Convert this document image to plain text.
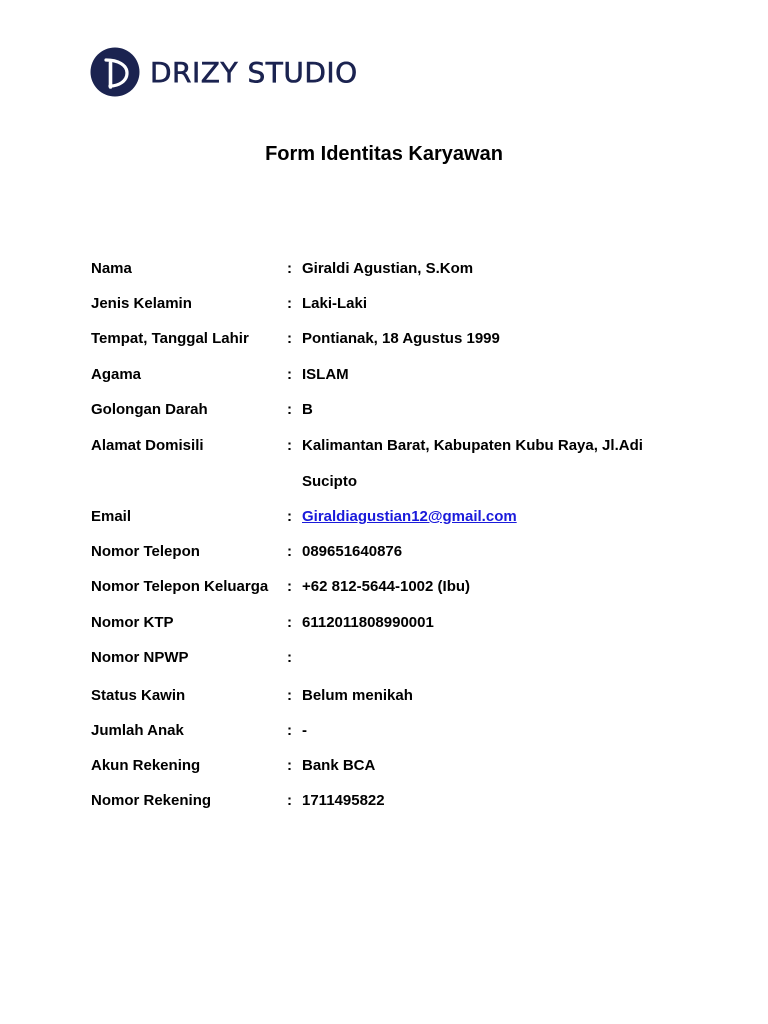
DRIZY STUDIO
Form Identitas Karyawan
Nama	: Giraldi Agustian, S.Kom
Jenis Kelamin	: Laki-Laki
Tempat, Tanggal Lahir	: Pontianak, 18 Agustus 1999
Agama	: ISLAM
Golongan Darah	: B
Alamat Domisili	: Kalimantan Barat, Kabupaten Kubu Raya, Jl.Adi Sucipto
Email	: Giraldiagustian12@gmail.com
Nomor Telepon	: 089651640876
Nomor Telepon Keluarga : +62 812-5644-1002 (Ibu)
Nomor KTP	: 6112011808990001
Nomor NPWP	:
Status Kawin	: Belum menikah
Jumlah Anak	: -
Akun Rekening	: Bank BCA
Nomor Rekening	: 1711495822
